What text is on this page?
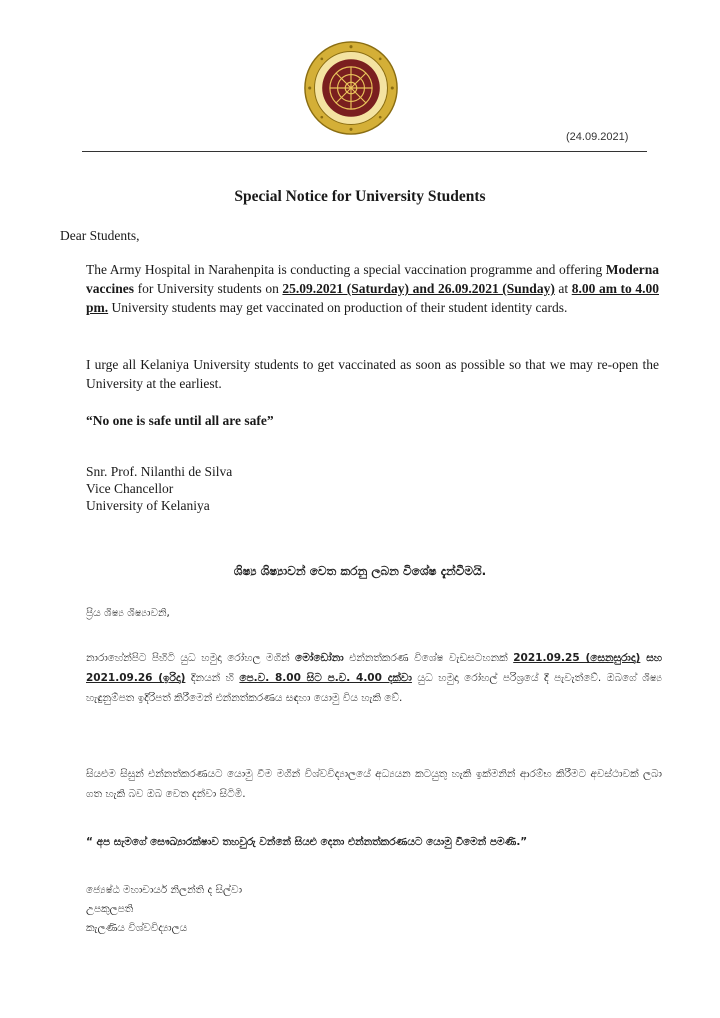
(24.09.2021)
Special Notice for University Students
Dear Students,
The Army Hospital in Narahenpita is conducting a special vaccination programme and offering Moderna vaccines for University students on 25.09.2021 (Saturday) and 26.09.2021 (Sunday) at 8.00 am to 4.00 pm. University students may get vaccinated on production of their student identity cards.
I urge all Kelaniya University students to get vaccinated as soon as possible so that we may re-open the University at the earliest.
“No one is safe until all are safe”
Snr. Prof. Nilanthi de Silva
Vice Chancellor
University of Kelaniya
ශිෂ්‍ය ශිෂ්‍යාවන් වෙත කරනු ලබන විශේෂ දැන්වීමයි.
ප්‍රිය ශිෂ්‍ය ශිෂ්‍යාවනි,
නාරාහේන්පිට පිහිටි යුධ හමුදා රෝහල මගින් මෝඩෝනා එන්නත්කරණ විශේෂ වැඩසටහනක් 2021.09.25 (සෙනසුරාදා) සහ 2021.09.26 (ඉරිදා) දිනයන් හි පෙ.ව. 8.00 සිට ප.ව. 4.00 දක්වා යුධ හමුදා රෝහල් පරිශ්‍රයේ දී පැවැත්වේ. ඔබගේ ශිෂ්‍ය හැඳුනුම්පත ඉදිරිපත් කිරීමෙන් එන්නත්කරණය සඳහා යොමු විය හැකි වේ.
සියළුම සිසුන් එන්නත්කරණයට යොමු වීම මගින් විශ්වවිද්‍යාලයේ අධ්‍යයන කටයුතු හැකි ඉක්මනින් ආරම්භ කිරීමට අවස්ථාවක් ලබා ගත හැකි බව ඔබ වෙත දන්වා සිටිමි.
“ අප සැමගේ සෞඛ්‍යාරක්ෂාව තහවුරු වන්නේ සියළු දෙනා එන්නත්කරණයට යොමු වීමෙන් පමණි.”
ජ්‍යෙෂ්ඨ මහාචාර්ය නිලන්ති ද සිල්වා
උපකුලපති
කැලණිය විශ්වවිද්‍යාලය
